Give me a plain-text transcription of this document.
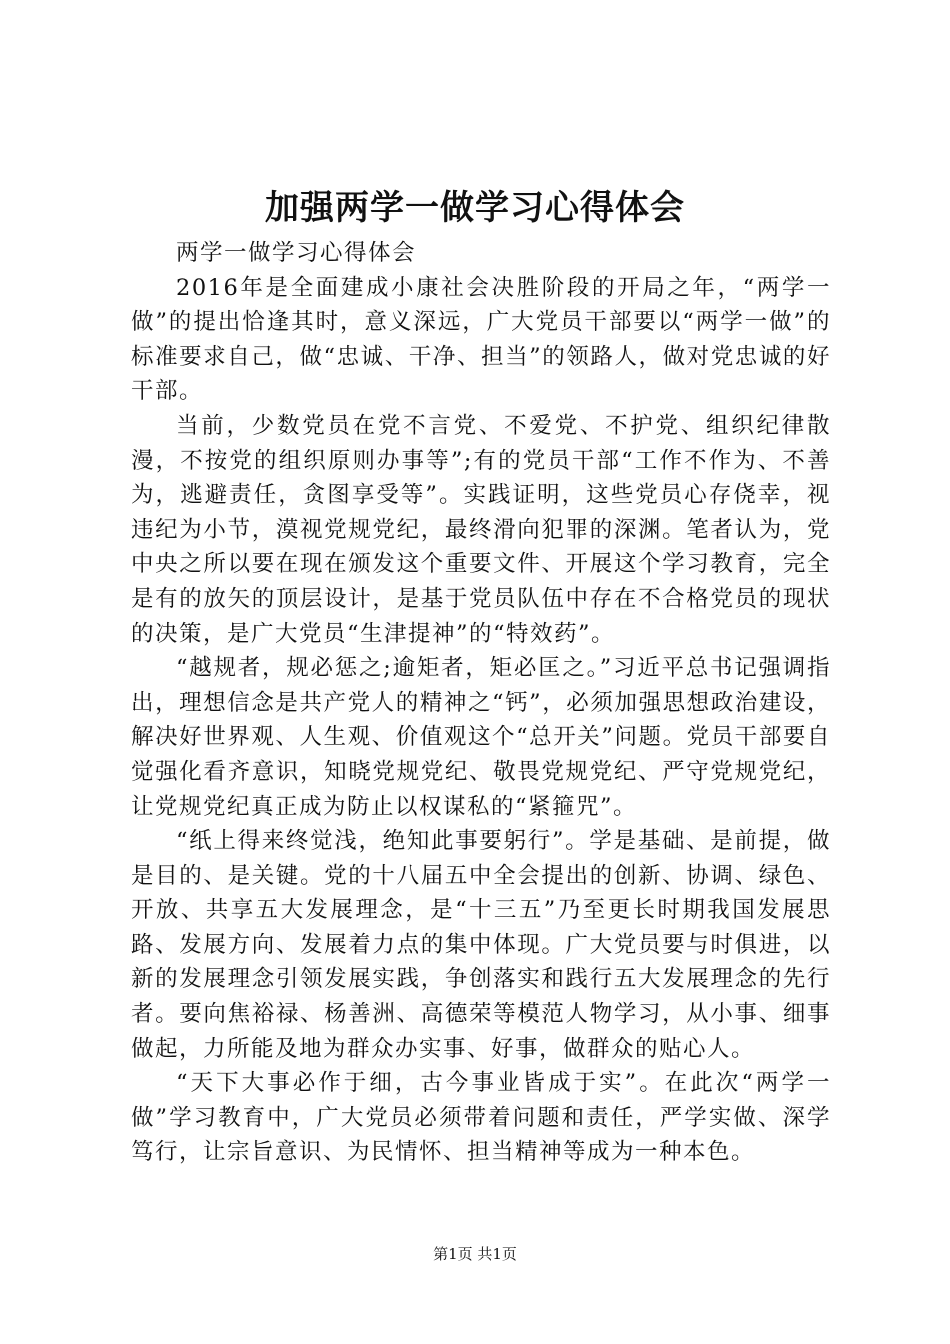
加强两学一做学习心得体会

两学一做学习心得体会

2016年是全面建成小康社会决胜阶段的开局之年，“两学一做”的提出恰逢其时，意义深远，广大党员干部要以“两学一做”的标准要求自己，做“忠诚、干净、担当”的领路人，做对党忠诚的好干部。

当前，少数党员在党不言党、不爱党、不护党、组织纪律散漫，不按党的组织原则办事等”;有的党员干部“工作不作为、不善为，逃避责任，贪图享受等”。实践证明，这些党员心存侥幸，视违纪为小节，漠视党规党纪，最终滑向犯罪的深渊。笔者认为，党中央之所以要在现在颁发这个重要文件、开展这个学习教育，完全是有的放矢的顶层设计，是基于党员队伍中存在不合格党员的现状的决策，是广大党员“生津提神”的“特效药”。

“越规者，规必惩之;逾矩者，矩必匡之。”习近平总书记强调指出，理想信念是共产党人的精神之“钙”，必须加强思想政治建设，解决好世界观、人生观、价值观这个“总开关”问题。党员干部要自觉强化看齐意识，知晓党规党纪、敬畏党规党纪、严守党规党纪，让党规党纪真正成为防止以权谋私的“紧箍咒”。

“纸上得来终觉浅，绝知此事要躬行”。学是基础、是前提，做是目的、是关键。党的十八届五中全会提出的创新、协调、绿色、开放、共享五大发展理念，是“十三五”乃至更长时期我国发展思路、发展方向、发展着力点的集中体现。广大党员要与时俱进，以新的发展理念引领发展实践，争创落实和践行五大发展理念的先行者。要向焦裕禄、杨善洲、高德荣等模范人物学习，从小事、细事做起，力所能及地为群众办实事、好事，做群众的贴心人。

“天下大事必作于细，古今事业皆成于实”。在此次“两学一做”学习教育中，广大党员必须带着问题和责任，严学实做、深学笃行，让宗旨意识、为民情怀、担当精神等成为一种本色。

第1页 共1页
